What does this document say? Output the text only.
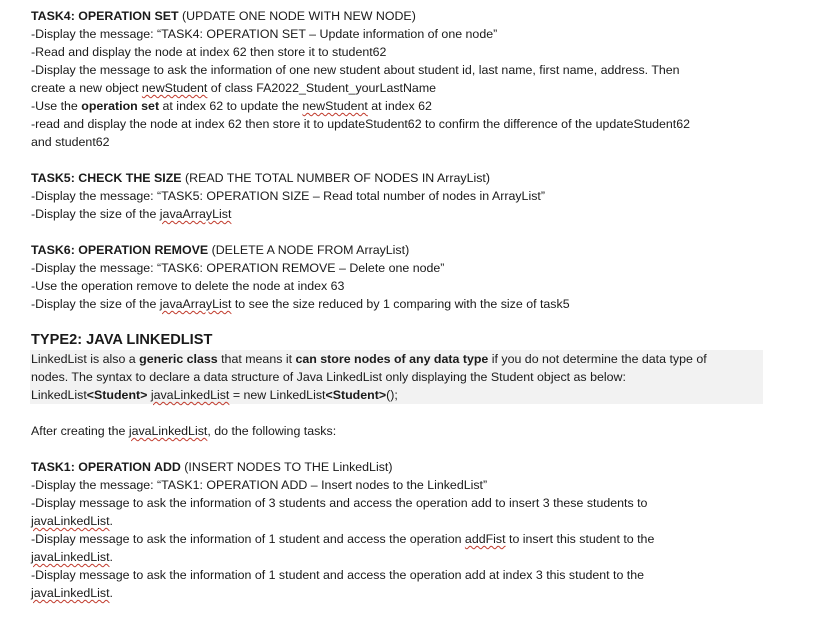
TASK4: OPERATION SET (UPDATE ONE NODE WITH NEW NODE)
-Display the message: “TASK4: OPERATION SET – Update information of one node”
-Read and display the node at index 62 then store it to student62
-Display the message to ask the information of one new student about student id, last name, first name, address. Then
create a new object newStudent of class FA2022_Student_yourLastName
-Use the operation set at index 62 to update the newStudent at index 62
-read and display the node at index 62 then store it to updateStudent62 to confirm the difference of the updateStudent62
and student62
TASK5: CHECK THE SIZE (READ THE TOTAL NUMBER OF NODES IN ArrayList)
-Display the message: “TASK5: OPERATION SIZE – Read total number of nodes in ArrayList”
-Display the size of the javaArrayList
TASK6: OPERATION REMOVE (DELETE A NODE FROM ArrayList)
-Display the message: “TASK6: OPERATION REMOVE – Delete one node”
-Use the operation remove to delete the node at index 63
-Display the size of the javaArrayList to see the size reduced by 1 comparing with the size of task5
TYPE2: JAVA LINKEDLIST
LinkedList is also a generic class that means it can store nodes of any data type if you do not determine the data type of
nodes. The syntax to declare a data structure of Java LinkedList only displaying the Student object as below:
LinkedList<Student> javaLinkedList = new LinkedList<Student>();
After creating the javaLinkedList, do the following tasks:
TASK1: OPERATION ADD (INSERT NODES TO THE LinkedList)
-Display the message: “TASK1: OPERATION ADD – Insert nodes to the LinkedList”
-Display message to ask the information of 3 students and access the operation add to insert 3 these students to
javaLinkedList.
-Display message to ask the information of 1 student and access the operation addFist to insert this student to the
javaLinkedList.
-Display message to ask the information of 1 student and access the operation add at index 3 this student to the
javaLinkedList.
